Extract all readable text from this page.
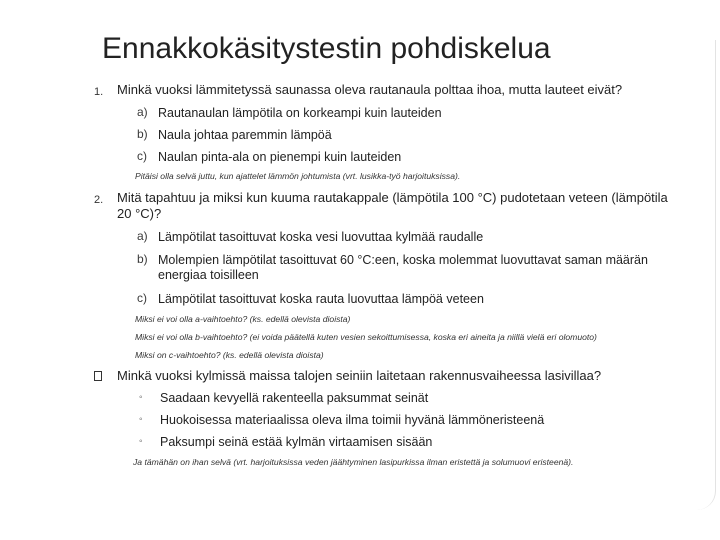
Ennakkokäsitystestin pohdiskelua
1. Minkä vuoksi lämmitetyssä saunassa oleva rautanaula polttaa ihoa, mutta lauteet eivät?
a) Rautanaulan lämpötila on korkeampi kuin lauteiden
b) Naula johtaa paremmin lämpöä
c) Naulan pinta-ala on pienempi kuin lauteiden
Pitäisi olla selvä juttu, kun ajattelet lämmön johtumista (vrt. lusikka-työ harjoituksissa).
2. Mitä tapahtuu ja miksi kun kuuma rautakappale (lämpötila 100 °C) pudotetaan veteen (lämpötila
20 °C)?
a) Lämpötilat tasoittuvat koska vesi luovuttaa kylmää raudalle
b) Molempien lämpötilat tasoittuvat 60 °C:een, koska molemmat luovuttavat saman määrän
energiaa toisilleen
c) Lämpötilat tasoittuvat koska rauta luovuttaa lämpöä veteen
Miksi ei voi olla a-vaihtoehto? (ks. edellä olevista dioista)
Miksi ei voi olla b-vaihtoehto? (ei voida päätellä kuten vesien sekoittumisessa, koska eri aineita ja niillä vielä eri olomuoto)
Miksi on c-vaihtoehto? (ks. edellä olevista dioista)
Minkä vuoksi kylmissä maissa talojen seiniin laitetaan rakennusvaiheessa lasivillaa?
◦ Saadaan kevyellä rakenteella paksummat seinät
◦ Huokoisessa materiaalissa oleva ilma toimii hyvänä lämmöneristeenä
◦ Paksumpi seinä estää kylmän virtaamisen sisään
Ja tämähän on ihan selvä (vrt. harjoituksissa veden jäähtyminen lasipurkissa ilman eristettä ja solumuovi eristeenä).
